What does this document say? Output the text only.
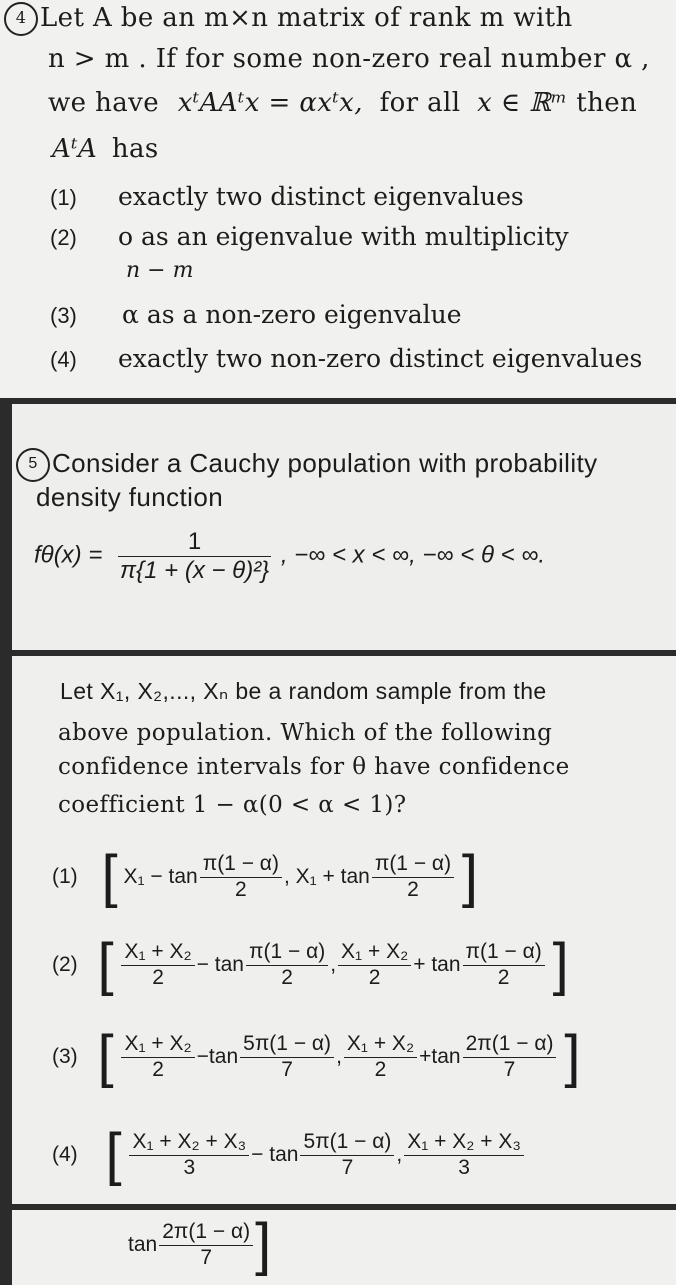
4 Let A be an m×n matrix of rank m with
n > m . If for some non-zero real number α ,
we have xᵗAAᵗx = αxᵗx, for all x ∈ ℝᵐ then
AᵗA has
(1) exactly two distinct eigenvalues
(2) o as an eigenvalue with multiplicity
n − m
(3) α as a non-zero eigenvalue
(4) exactly two non-zero distinct eigenvalues
5 Consider a Cauchy population with probability
density function
$f\theta(x) = \frac{1}{\text{π\{1 + (x − θ)²\}}}$ , −∞ < x < ∞, −∞ < θ < ∞.
Let X₁, X₂,..., Xₙ be a random sample from the
above population. Which of the following
confidence intervals for θ have confidence
coefficient 1 − α(0 < α < 1)?
(1) [ $X_1 - \tan \frac{\pi(1 - \alpha)}{2}$ , $X_1 + \tan \frac{\pi(1 - \alpha)}{2}$ ]
(2) [ $\frac{\text{X₁ + X₂}}{2} - \tan \frac{\pi(1 - \alpha)}{2}$ , $\frac{\text{X₁ + X₂}}{2} + \tan \frac{\pi(1 - \alpha)}{2}$ ]
(3) [ $\frac{\text{X₁ + X₂}}{2} -\tan \frac{5\pi(1 - \alpha)}{7}$ , $\frac{\text{X₁ + X₂}}{2} +\tan \frac{2\pi(1 - \alpha)}{7}$ ]
(4) [ $\frac{\text{X₁ + X₂ + X₃}}{3} - \tan \frac{5\pi(1 - \alpha)}{7}$ , $\frac{\text{X₁ + X₂ + X₃}}{3}$
$\tan \frac{2\pi(1 - \alpha)}{7}$ ]
